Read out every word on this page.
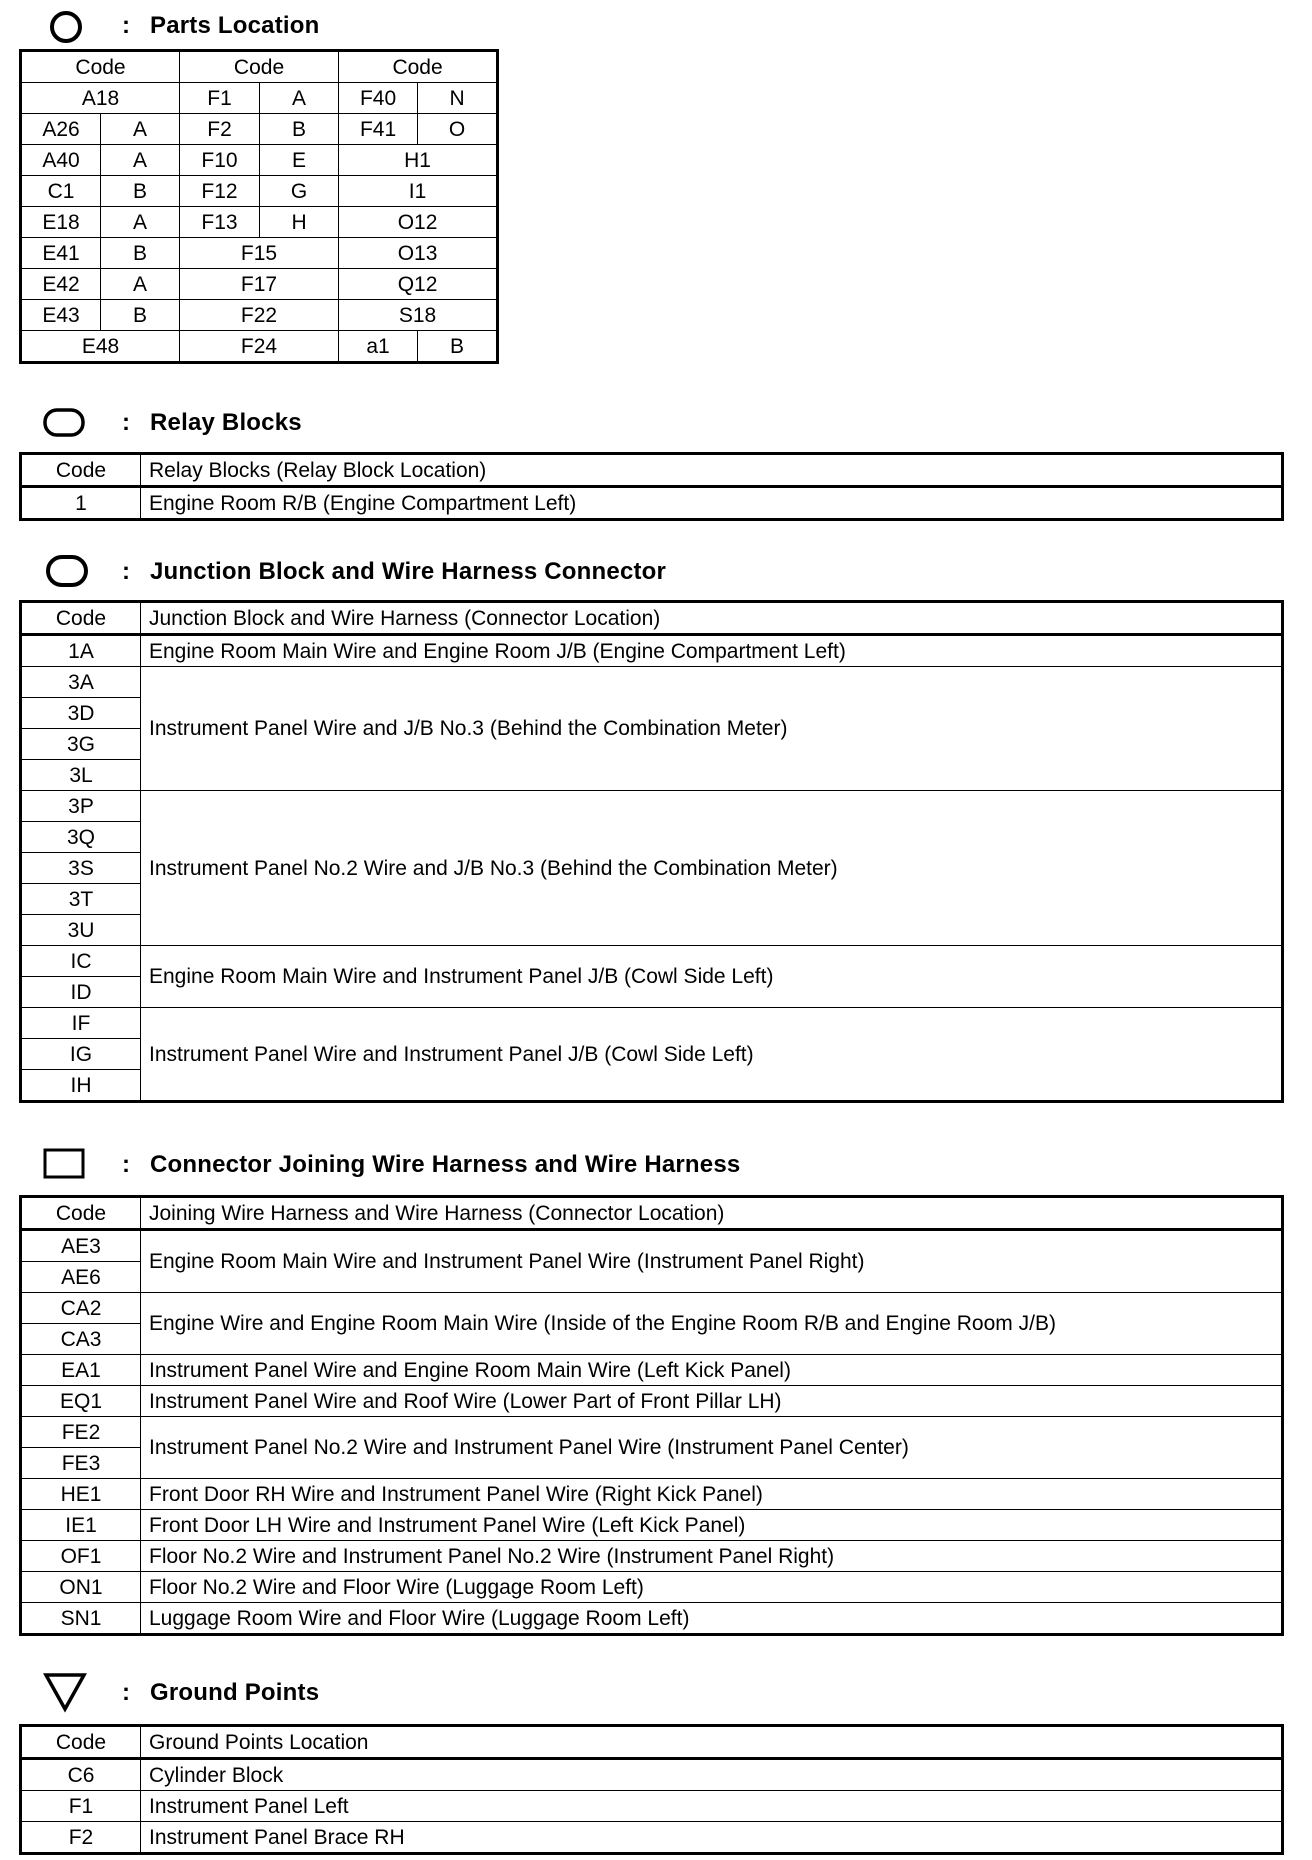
: Parts Location
Code		Code		Code	
A18		F1	A	F40	N
A26	A	F2	B	F41	O
A40	A	F10	E	H1	
C1	B	F12	G	I1	
E18	A	F13	H	O12	
E41	B	F15		O13	
E42	A	F17		Q12	
E43	B	F22		S18	
E48		F24		a1	B
: Relay Blocks
Code	Relay Blocks (Relay Block Location)
1	Engine Room R/B (Engine Compartment Left)
: Junction Block and Wire Harness Connector
Code	Junction Block and Wire Harness (Connector Location)
1A	Engine Room Main Wire and Engine Room J/B (Engine Compartment Left)
3A	Instrument Panel Wire and J/B No.3 (Behind the Combination Meter)
3D	
3G	
3L	
3P	Instrument Panel No.2 Wire and J/B No.3 (Behind the Combination Meter)
3Q	
3S	
3T	
3U	
IC	Engine Room Main Wire and Instrument Panel J/B (Cowl Side Left)
ID	
IF	Instrument Panel Wire and Instrument Panel J/B (Cowl Side Left)
IG	
IH	
: Connector Joining Wire Harness and Wire Harness
Code	Joining Wire Harness and Wire Harness (Connector Location)
AE3	Engine Room Main Wire and Instrument Panel Wire (Instrument Panel Right)
AE6	
CA2	Engine Wire and Engine Room Main Wire (Inside of the Engine Room R/B and Engine Room J/B)
CA3	
EA1	Instrument Panel Wire and Engine Room Main Wire (Left Kick Panel)
EQ1	Instrument Panel Wire and Roof Wire (Lower Part of Front Pillar LH)
FE2	Instrument Panel No.2 Wire and Instrument Panel Wire (Instrument Panel Center)
FE3	
HE1	Front Door RH Wire and Instrument Panel Wire (Right Kick Panel)
IE1	Front Door LH Wire and Instrument Panel Wire (Left Kick Panel)
OF1	Floor No.2 Wire and Instrument Panel No.2 Wire (Instrument Panel Right)
ON1	Floor No.2 Wire and Floor Wire (Luggage Room Left)
SN1	Luggage Room Wire and Floor Wire (Luggage Room Left)
: Ground Points
Code	Ground Points Location
C6	Cylinder Block
F1	Instrument Panel Left
F2	Instrument Panel Brace RH
